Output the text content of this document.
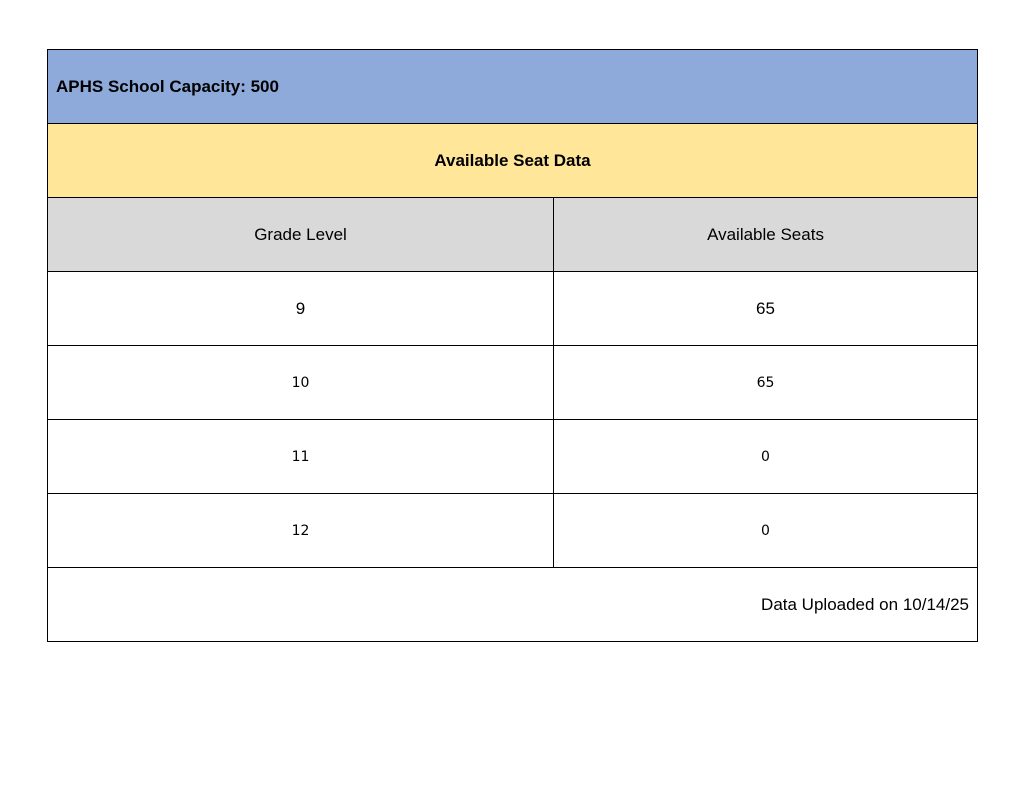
APHS School Capacity: 500	
Available Seat Data	
Grade Level	Available Seats
9	65
10	65
11	0
12	0
Data Uploaded on 10/14/25	
